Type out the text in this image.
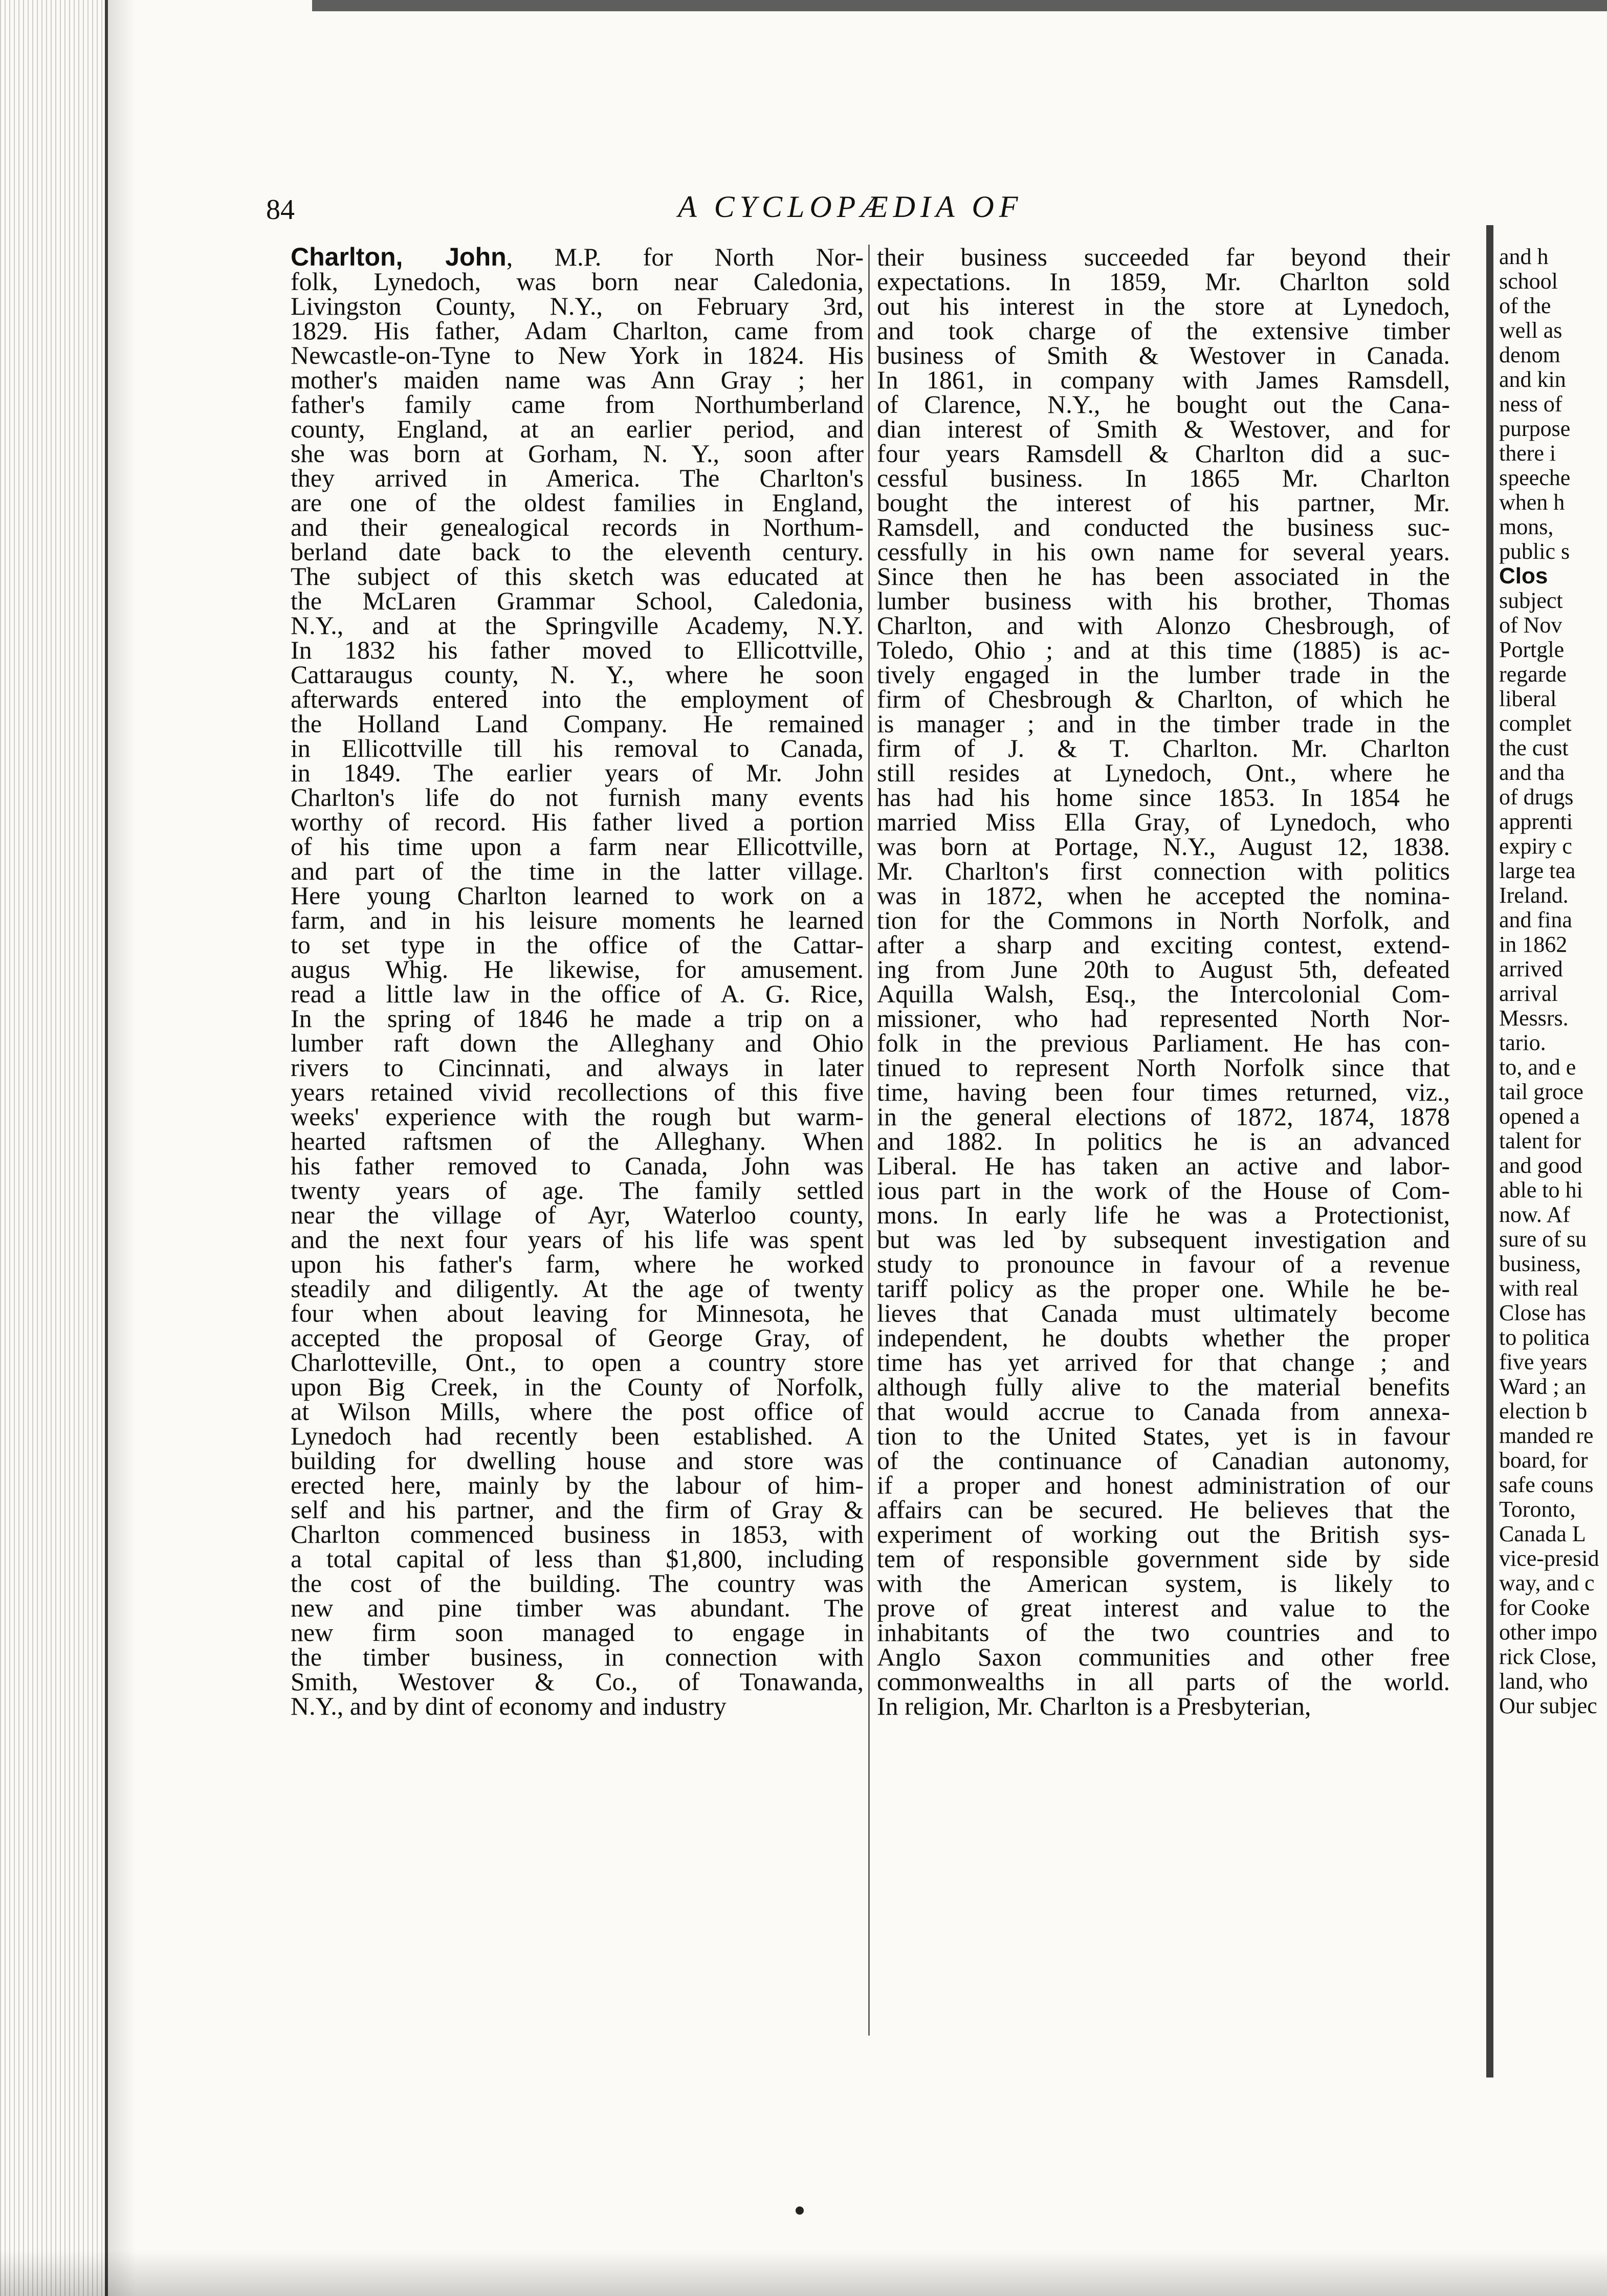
84	A CYCLOPÆDIA OF

Charlton, John, M.P. for North Nor-

folk, Lynedoch, was born near Caledonia,

Livingston County, N.Y., on February 3rd,

1829. His father, Adam Charlton, came from

Newcastle-on-Tyne to New York in 1824. His

mother's maiden name was Ann Gray ; her

father's family came from Northumberland

county, England, at an earlier period, and

she was born at Gorham, N. Y., soon after

they arrived in America. The Charlton's

are one of the oldest families in England,

and their genealogical records in Northum-

berland date back to the eleventh century.

The subject of this sketch was educated at

the McLaren Grammar School, Caledonia,

N.Y., and at the Springville Academy, N.Y.

In 1832 his father moved to Ellicottville,

Cattaraugus county, N. Y., where he soon

afterwards entered into the employment of

the Holland Land Company. He remained

in Ellicottville till his removal to Canada,

in 1849. The earlier years of Mr. John

Charlton's life do not furnish many events

worthy of record. His father lived a portion

of his time upon a farm near Ellicottville,

and part of the time in the latter village.

Here young Charlton learned to work on a

farm, and in his leisure moments he learned

to set type in the office of the Cattar-

augus Whig. He likewise, for amusement.

read a little law in the office of A. G. Rice,

In the spring of 1846 he made a trip on a

lumber raft down the Alleghany and Ohio

rivers to Cincinnati, and always in later

years retained vivid recollections of this five

weeks' experience with the rough but warm-

hearted raftsmen of the Alleghany. When

his father removed to Canada, John was

twenty years of age. The family settled

near the village of Ayr, Waterloo county,

and the next four years of his life was spent

upon his father's farm, where he worked

steadily and diligently. At the age of twenty

four when about leaving for Minnesota, he

accepted the proposal of George Gray, of

Charlotteville, Ont., to open a country store

upon Big Creek, in the County of Norfolk,

at Wilson Mills, where the post office of

Lynedoch had recently been established. A

building for dwelling house and store was

erected here, mainly by the labour of him-

self and his partner, and the firm of Gray &

Charlton commenced business in 1853, with

a total capital of less than $1,800, including

the cost of the building. The country was

new and pine timber was abundant. The

new firm soon managed to engage in

the timber business, in connection with

Smith, Westover & Co., of Tonawanda,

N.Y., and by dint of economy and industry

their business succeeded far beyond their

expectations. In 1859, Mr. Charlton sold

out his interest in the store at Lynedoch,

and took charge of the extensive timber

business of Smith & Westover in Canada.

In 1861, in company with James Ramsdell,

of Clarence, N.Y., he bought out the Cana-

dian interest of Smith & Westover, and for

four years Ramsdell & Charlton did a suc-

cessful business. In 1865 Mr. Charlton

bought the interest of his partner, Mr.

Ramsdell, and conducted the business suc-

cessfully in his own name for several years.

Since then he has been associated in the

lumber business with his brother, Thomas

Charlton, and with Alonzo Chesbrough, of

Toledo, Ohio ; and at this time (1885) is ac-

tively engaged in the lumber trade in the

firm of Chesbrough & Charlton, of which he

is manager ; and in the timber trade in the

firm of J. & T. Charlton. Mr. Charlton

still resides at Lynedoch, Ont., where he

has had his home since 1853. In 1854 he

married Miss Ella Gray, of Lynedoch, who

was born at Portage, N.Y., August 12, 1838.

Mr. Charlton's first connection with politics

was in 1872, when he accepted the nomina-

tion for the Commons in North Norfolk, and

after a sharp and exciting contest, extend-

ing from June 20th to August 5th, defeated

Aquilla Walsh, Esq., the Intercolonial Com-

missioner, who had represented North Nor-

folk in the previous Parliament. He has con-

tinued to represent North Norfolk since that

time, having been four times returned, viz.,

in the general elections of 1872, 1874, 1878

and 1882. In politics he is an advanced

Liberal. He has taken an active and labor-

ious part in the work of the House of Com-

mons. In early life he was a Protectionist,

but was led by subsequent investigation and

study to pronounce in favour of a revenue

tariff policy as the proper one. While he be-

lieves that Canada must ultimately become

independent, he doubts whether the proper

time has yet arrived for that change ; and

although fully alive to the material benefits

that would accrue to Canada from annexa-

tion to the United States, yet is in favour

of the continuance of Canadian autonomy,

if a proper and honest administration of our

affairs can be secured. He believes that the

experiment of working out the British sys-

tem of responsible government side by side

with the American system, is likely to

prove of great interest and value to the

inhabitants of the two countries and to

Anglo Saxon communities and other free

commonwealths in all parts of the world.

In religion, Mr. Charlton is a Presbyterian,

and h

school

of the

well as

denom

and kin

ness of

purpose

there i

speeche

when h

mons,

public s

Clos

subject

of Nov

Portgle

regarde

liberal

complet

the cust

and tha

of drugs

apprenti

expiry c

large tea

Ireland.

and fina

in 1862

arrived

arrival

Messrs.

tario.

to, and e

tail groce

opened a

talent for

and good

able to hi

now. Af

sure of su

business,

with real

Close has

to politica

five years

Ward ; an

election b

manded re

board, for

safe couns

Toronto,

Canada L

vice-presid

way, and c

for Cooke

other impo

rick Close,

land, who

Our subjec
